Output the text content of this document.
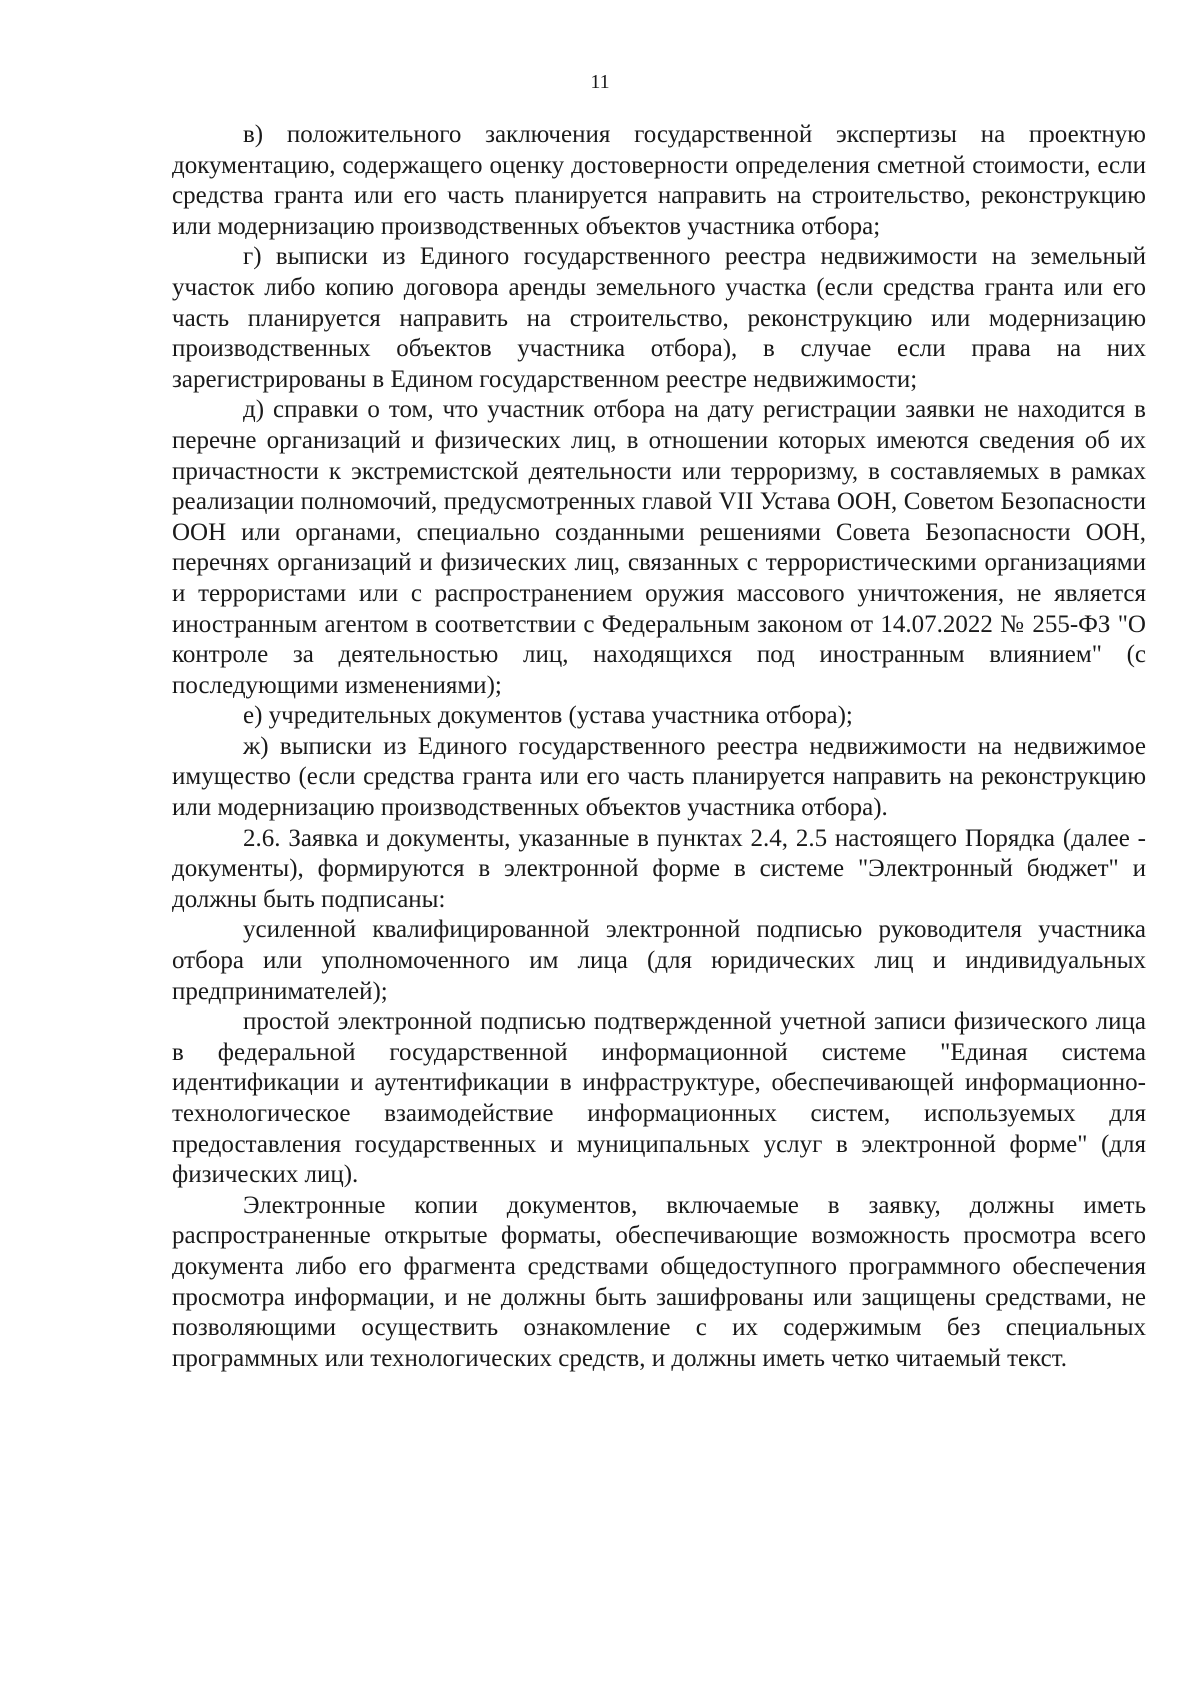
11

в) положительного заключения государственной экспертизы на проектную документацию, содержащего оценку достоверности определения сметной стоимости, если средства гранта или его часть планируется направить на строительство, реконструкцию или модернизацию производственных объектов участника отбора;

г) выписки из Единого государственного реестра недвижимости на земельный участок либо копию договора аренды земельного участка (если средства гранта или его часть планируется направить на строительство, реконструкцию или модернизацию производственных объектов участника отбора), в случае если права на них зарегистрированы в Едином государственном реестре недвижимости;

д) справки о том, что участник отбора на дату регистрации заявки не находится в перечне организаций и физических лиц, в отношении которых имеются сведения об их причастности к экстремистской деятельности или терроризму, в составляемых в рамках реализации полномочий, предусмотренных главой VII Устава ООН, Советом Безопасности ООН или органами, специально созданными решениями Совета Безопасности ООН, перечнях организаций и физических лиц, связанных с террористическими организациями и террористами или с распространением оружия массового уничтожения, не является иностранным агентом в соответствии с Федеральным законом от 14.07.2022 № 255-ФЗ "О контроле за деятельностью лиц, находящихся под иностранным влиянием" (с последующими изменениями);

е) учредительных документов (устава участника отбора);

ж) выписки из Единого государственного реестра недвижимости на недвижимое имущество (если средства гранта или его часть планируется направить на реконструкцию или модернизацию производственных объектов участника отбора).

2.6. Заявка и документы, указанные в пунктах 2.4, 2.5 настоящего Порядка (далее - документы), формируются в электронной форме в системе "Электронный бюджет" и должны быть подписаны:

усиленной квалифицированной электронной подписью руководителя участника отбора или уполномоченного им лица (для юридических лиц и индивидуальных предпринимателей);

простой электронной подписью подтвержденной учетной записи физического лица в федеральной государственной информационной системе "Единая система идентификации и аутентификации в инфраструктуре, обеспечивающей информационно-технологическое взаимодействие информационных систем, используемых для предоставления государственных и муниципальных услуг в электронной форме" (для физических лиц).

Электронные копии документов, включаемые в заявку, должны иметь распространенные открытые форматы, обеспечивающие возможность просмотра всего документа либо его фрагмента средствами общедоступного программного обеспечения просмотра информации, и не должны быть зашифрованы или защищены средствами, не позволяющими осуществить ознакомление с их содержимым без специальных программных или технологических средств, и должны иметь четко читаемый текст.
